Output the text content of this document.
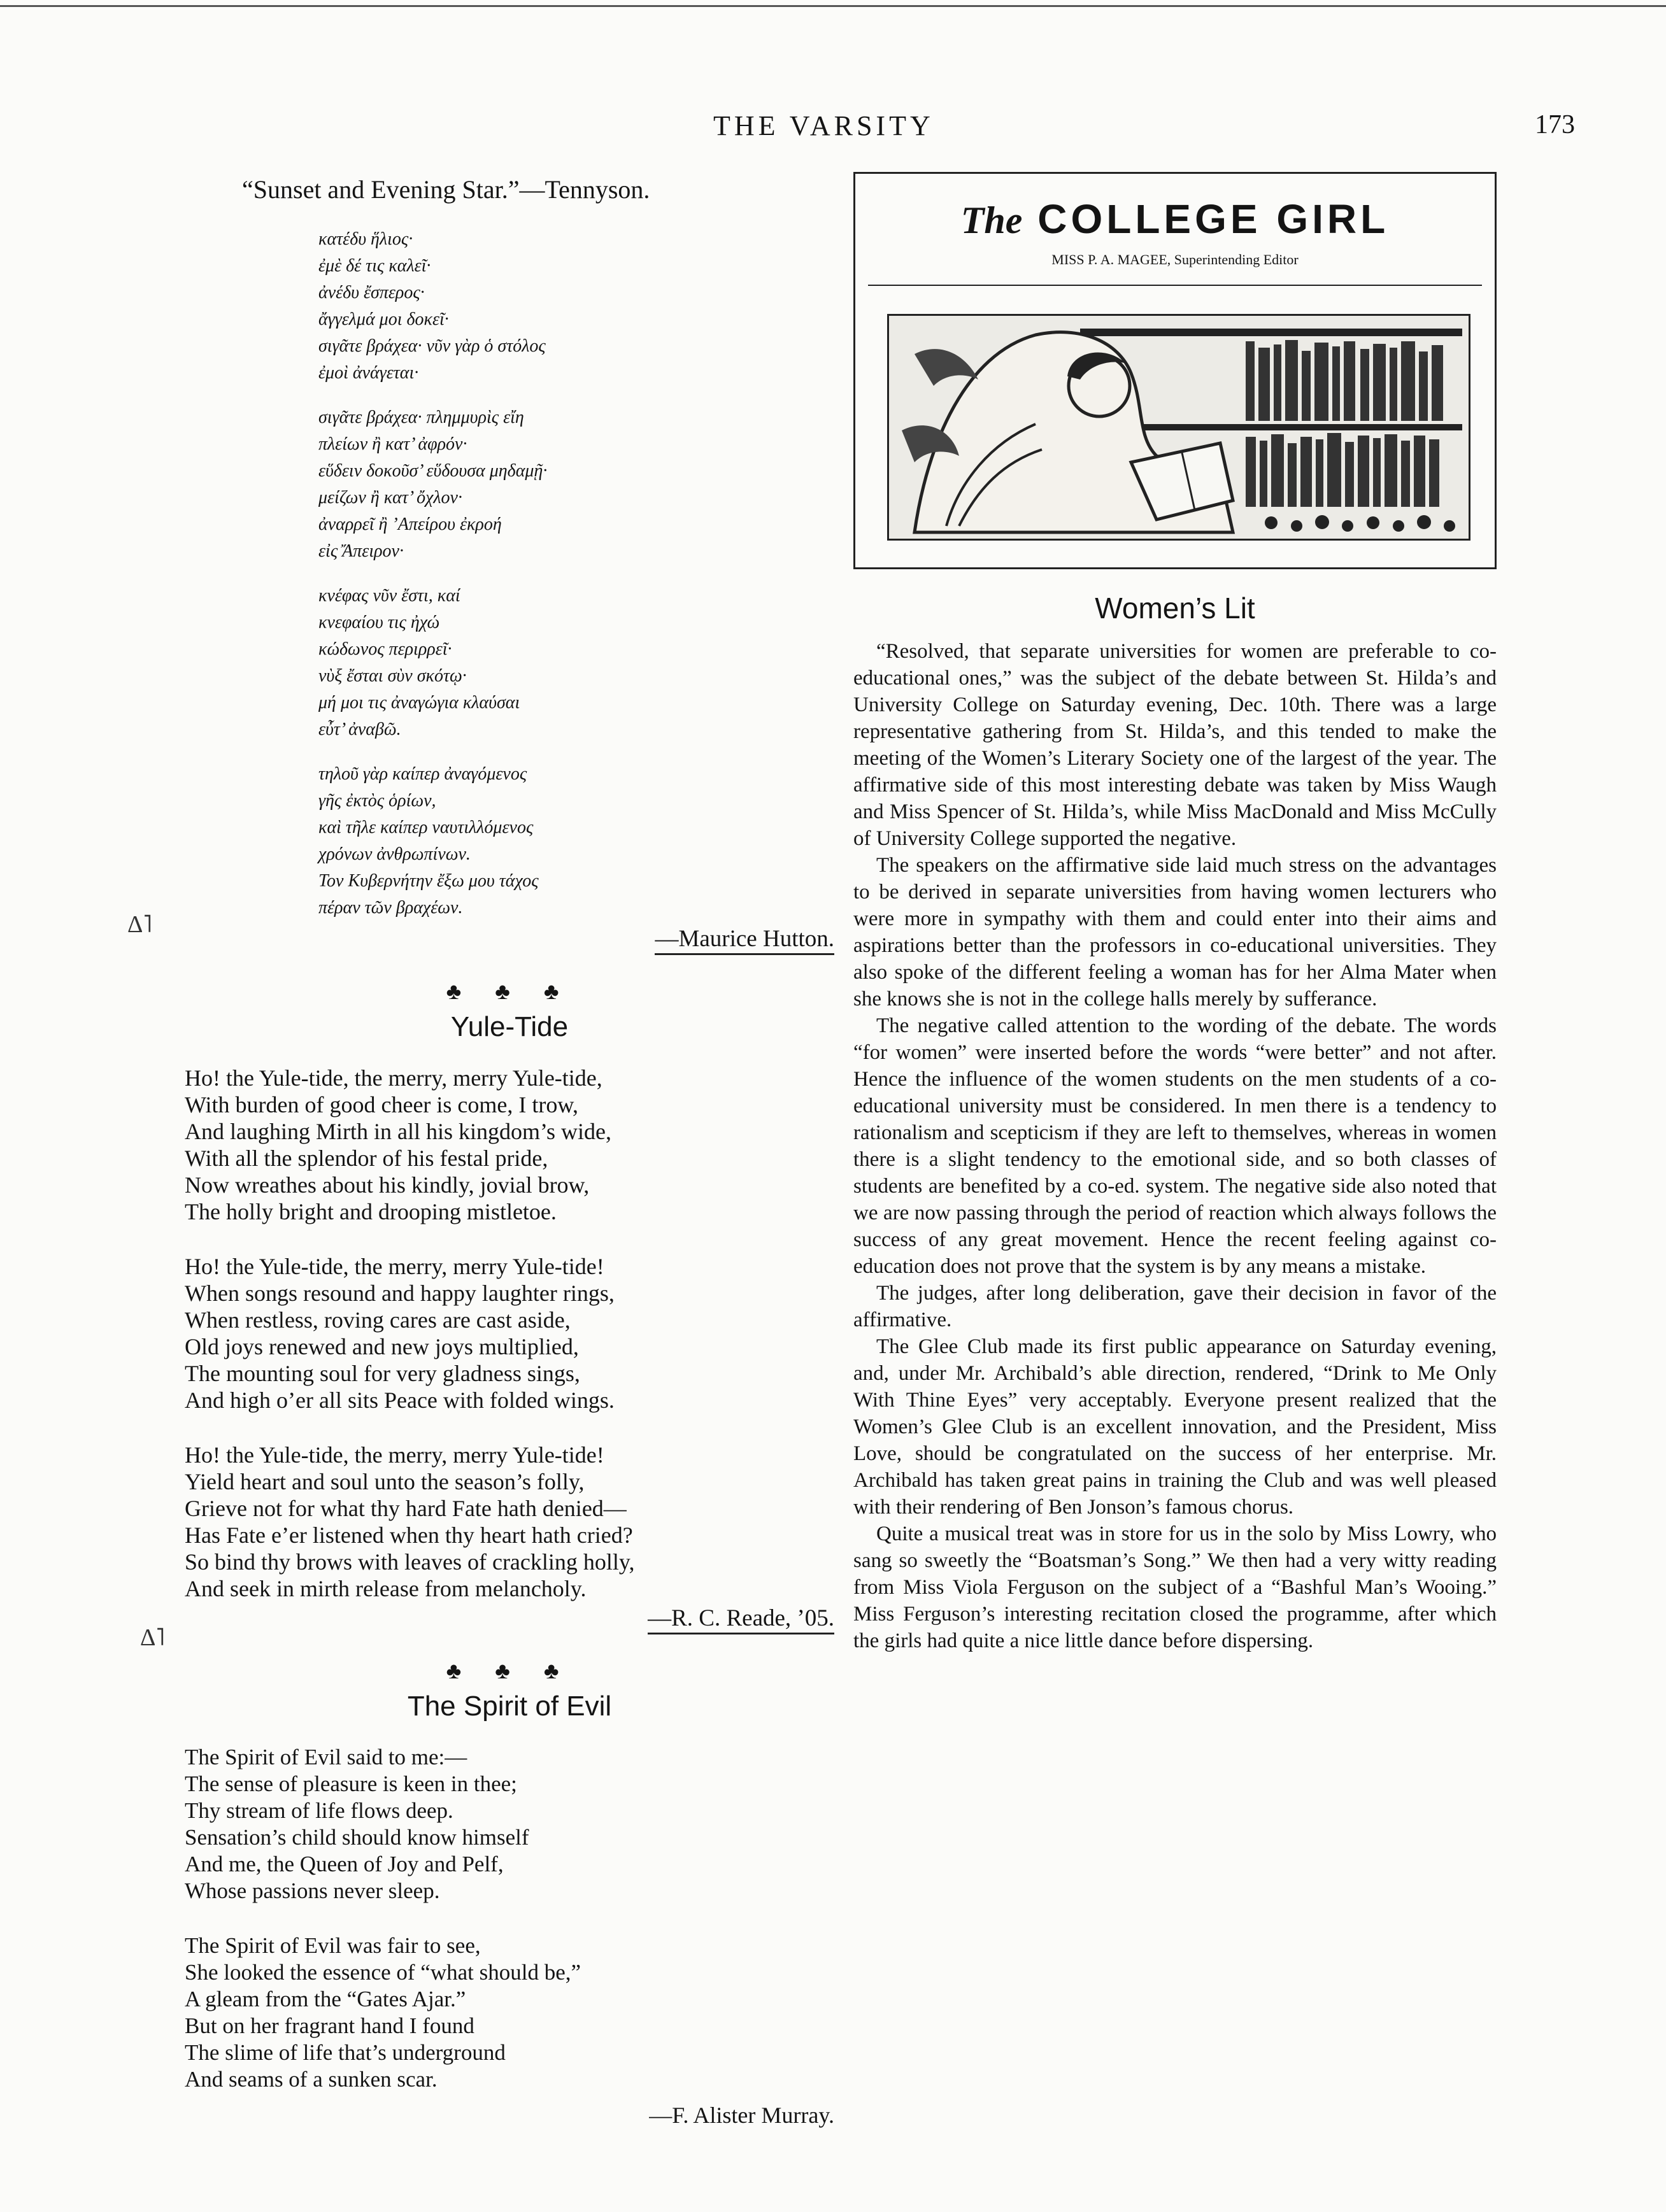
THE VARSITY	173
Δ˥
Δ˥
“Sunset and Evening Star.”—Tennyson.
κατέδυ ἥλιος·
ἐμὲ δέ τις καλεῖ·
ἀνέδυ ἔσπερος·
ἄγγελμά μοι δοκεῖ·
σιγᾶτε βράχεα· νῦν γὰρ ὁ στόλος
ἐμοὶ ἀνάγεται·
σιγᾶτε βράχεα· πλημμυρὶς εἴη
πλείων ἢ κατ’ ἀφρόν·
εὕδειν δοκοῦσ’ εὕδουσα μηδαμῇ·
μείζων ἢ κατ’ ὄχλον·
ἀναρρεῖ ἢ ’Απείρου ἐκροή
εἰς Ἄπειρον·
κνέφας νῦν ἔστι, καί
κνεφαίου τις ἠχώ
κώδωνος περιρρεῖ·
νὺξ ἔσται σὺν σκότῳ·
μή μοι τις ἀναγώγια κλαύσαι
εὖτ’ ἀναβῶ.
τηλοῦ γὰρ καίπερ ἀναγόμενος
γῆς ἐκτὸς ὁρίων,
καὶ τῆλε καίπερ ναυτιλλόμενος
χρόνων ἀνθρωπίνων.
Τον Κυβερνήτην ἔξω μου τάχος
πέραν τῶν βραχέων.
—Maurice Hutton.
♣ ♣ ♣
Yule-Tide
Ho! the Yule-tide, the merry, merry Yule-tide,
With burden of good cheer is come, I trow,
And laughing Mirth in all his kingdom’s wide,
With all the splendor of his festal pride,
Now wreathes about his kindly, jovial brow,
The holly bright and drooping mistletoe.
Ho! the Yule-tide, the merry, merry Yule-tide!
When songs resound and happy laughter rings,
When restless, roving cares are cast aside,
Old joys renewed and new joys multiplied,
The mounting soul for very gladness sings,
And high o’er all sits Peace with folded wings.
Ho! the Yule-tide, the merry, merry Yule-tide!
Yield heart and soul unto the season’s folly,
Grieve not for what thy hard Fate hath denied—
Has Fate e’er listened when thy heart hath cried?
So bind thy brows with leaves of crackling holly,
And seek in mirth release from melancholy.
—R. C. Reade, ’05.
♣ ♣ ♣
The Spirit of Evil
The Spirit of Evil said to me:—
The sense of pleasure is keen in thee;
Thy stream of life flows deep.
Sensation’s child should know himself
And me, the Queen of Joy and Pelf,
Whose passions never sleep.
The Spirit of Evil was fair to see,
She looked the essence of “what should be,”
A gleam from the “Gates Ajar.”
But on her fragrant hand I found
The slime of life that’s underground
And seams of a sunken scar.
—F. Alister Murray.
The COLLEGE GIRL
MISS P. A. MAGEE, Superintending Editor
Women’s Lit

“Resolved, that separate universities for women are preferable to co-educational ones,” was the subject of the debate between St. Hilda’s and University College on Saturday evening, Dec. 10th. There was a large representative gathering from St. Hilda’s, and this tended to make the meeting of the Women’s Literary Society one of the largest of the year. The affirmative side of this most interesting debate was taken by Miss Waugh and Miss Spencer of St. Hilda’s, while Miss MacDonald and Miss McCully of University College supported the negative.

The speakers on the affirmative side laid much stress on the advantages to be derived in separate universities from having women lecturers who were more in sympathy with them and could enter into their aims and aspirations better than the professors in co-educational universities. They also spoke of the different feeling a woman has for her Alma Mater when she knows she is not in the college halls merely by sufferance.

The negative called attention to the wording of the debate. The words “for women” were inserted before the words “were better” and not after. Hence the influence of the women students on the men students of a co-educational university must be considered. In men there is a tendency to rationalism and scepticism if they are left to themselves, whereas in women there is a slight tendency to the emotional side, and so both classes of students are benefited by a co-ed. system. The negative side also noted that we are now passing through the period of reaction which always follows the success of any great movement. Hence the recent feeling against co-education does not prove that the system is by any means a mistake.

The judges, after long deliberation, gave their decision in favor of the affirmative.

The Glee Club made its first public appearance on Saturday evening, and, under Mr. Archibald’s able direction, rendered, “Drink to Me Only With Thine Eyes” very acceptably. Everyone present realized that the Women’s Glee Club is an excellent innovation, and the President, Miss Love, should be congratulated on the success of her enterprise. Mr. Archibald has taken great pains in training the Club and was well pleased with their rendering of Ben Jonson’s famous chorus.

Quite a musical treat was in store for us in the solo by Miss Lowry, who sang so sweetly the “Boatsman’s Song.” We then had a very witty reading from Miss Viola Ferguson on the subject of a “Bashful Man’s Wooing.” Miss Ferguson’s interesting recitation closed the programme, after which the girls had quite a nice little dance before dispersing.
